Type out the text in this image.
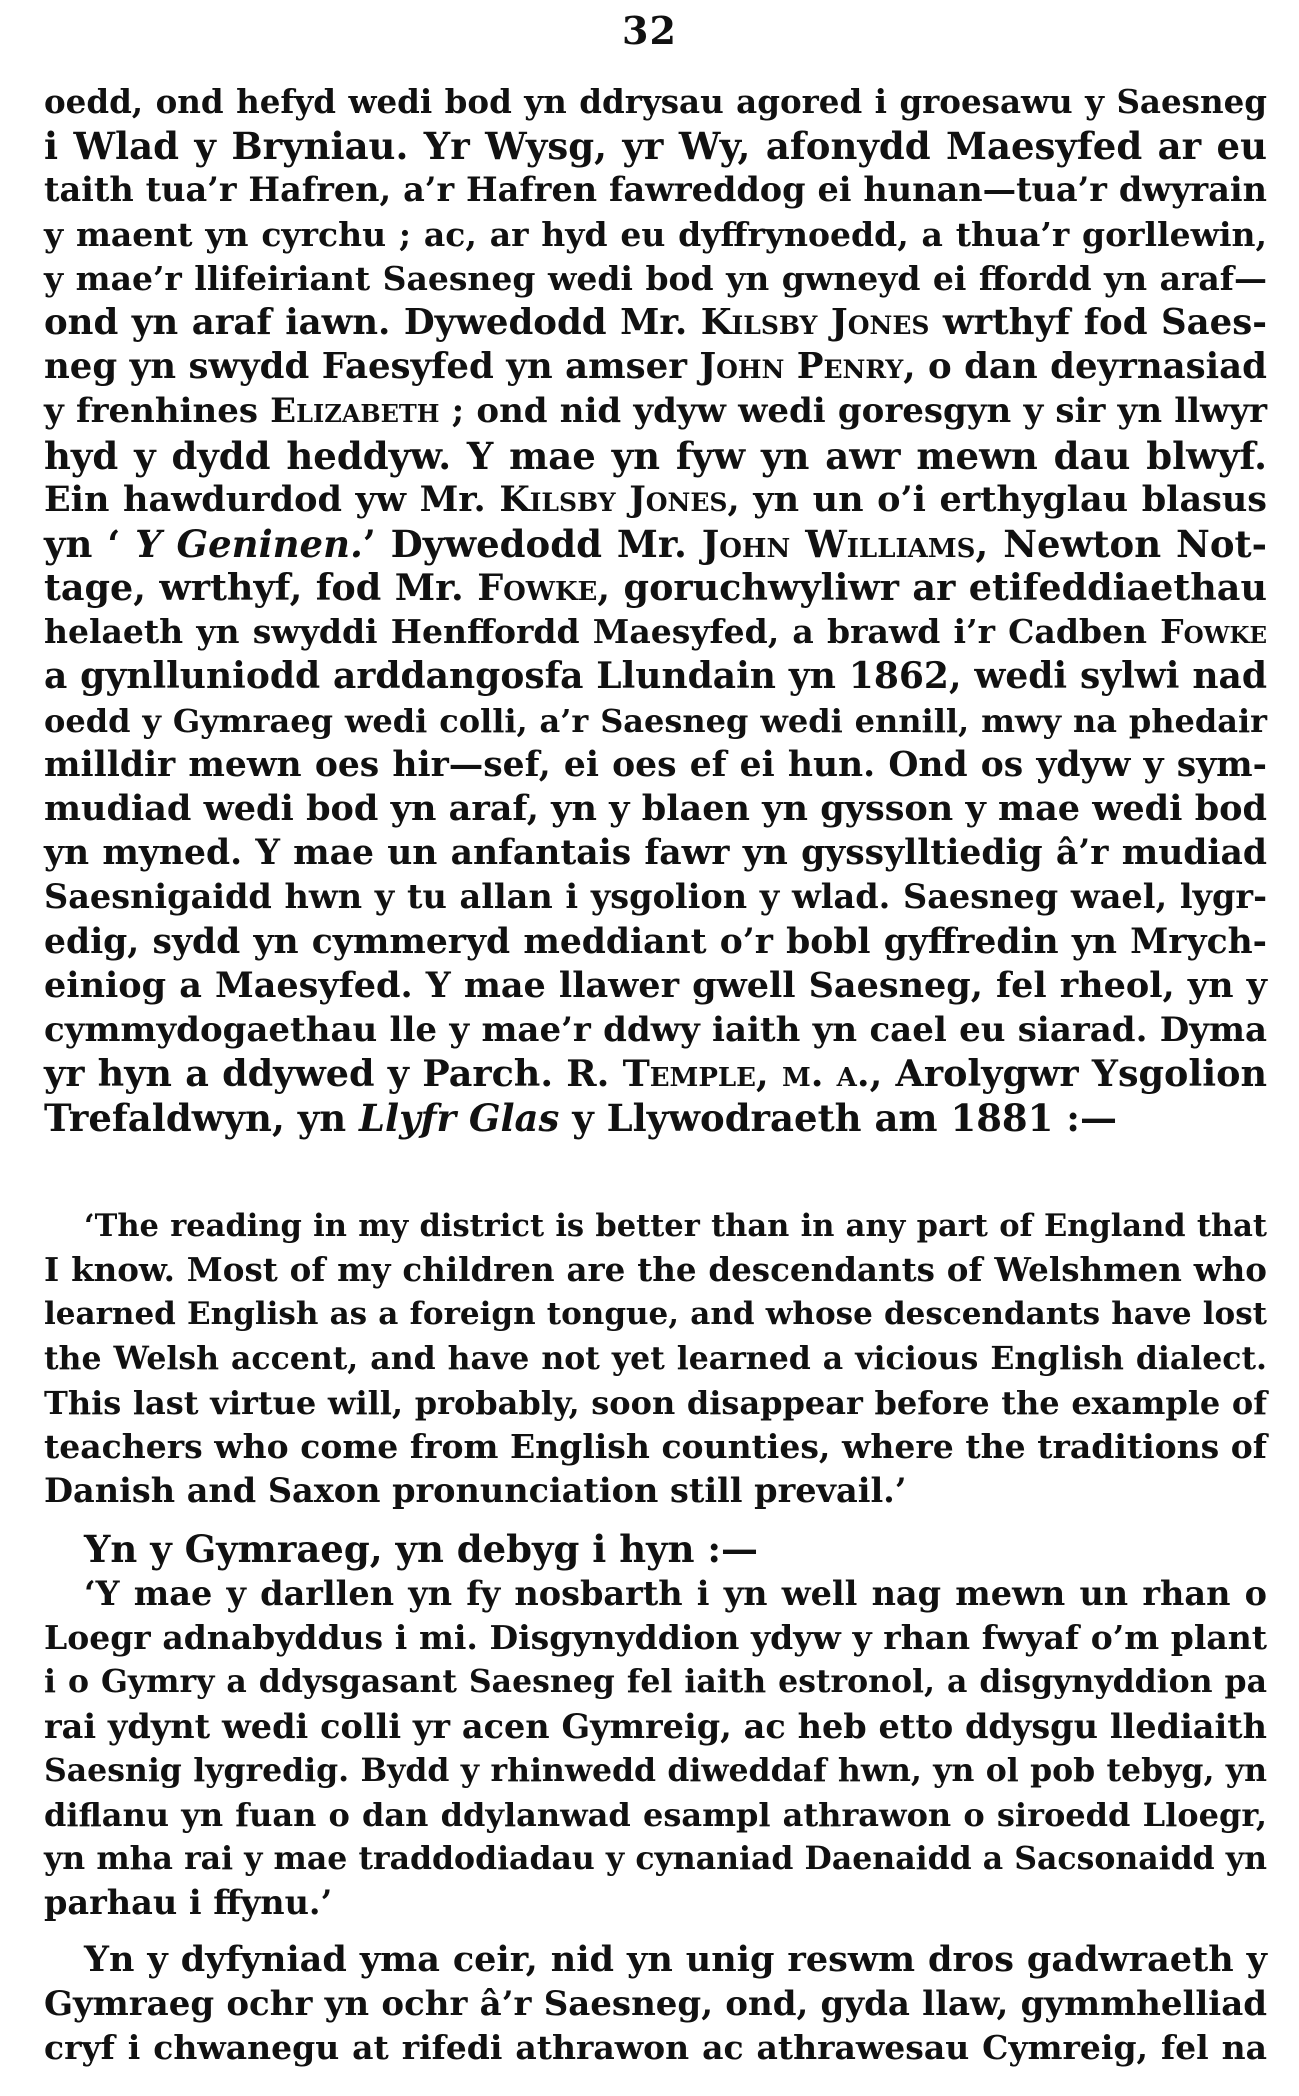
32
oedd, ond hefyd wedi bod yn ddrysau agored i groesawu y Saesneg
i Wlad y Bryniau. Yr Wysg, yr Wy, afonydd Maesyfed ar eu
taith tua’r Hafren, a’r Hafren fawreddog ei hunan—tua’r dwyrain
y maent yn cyrchu ; ac, ar hyd eu dyffrynoedd, a thua’r gorllewin,
y mae’r llifeiriant Saesneg wedi bod yn gwneyd ei ffordd yn araf—
ond yn araf iawn. Dywedodd Mr. Kilsby Jones wrthyf fod Saes-
neg yn swydd Faesyfed yn amser John Penry, o dan deyrnasiad
y frenhines Elizabeth ; ond nid ydyw wedi goresgyn y sir yn llwyr
hyd y dydd heddyw. Y mae yn fyw yn awr mewn dau blwyf.
Ein hawdurdod yw Mr. Kilsby Jones, yn un o’i erthyglau blasus
yn ‘ Y Geninen.’ Dywedodd Mr. John Williams, Newton Not-
tage, wrthyf, fod Mr. Fowke, goruchwyliwr ar etifeddiaethau
helaeth yn swyddi Henffordd Maesyfed, a brawd i’r Cadben Fowke
a gynlluniodd arddangosfa Llundain yn 1862, wedi sylwi nad
oedd y Gymraeg wedi colli, a’r Saesneg wedi ennill, mwy na phedair
milldir mewn oes hir—sef, ei oes ef ei hun. Ond os ydyw y sym-
mudiad wedi bod yn araf, yn y blaen yn gysson y mae wedi bod
yn myned. Y mae un anfantais fawr yn gyssylltiedig â’r mudiad
Saesnigaidd hwn y tu allan i ysgolion y wlad. Saesneg wael, lygr-
edig, sydd yn cymmeryd meddiant o’r bobl gyffredin yn Mrych-
einiog a Maesyfed. Y mae llawer gwell Saesneg, fel rheol, yn y
cymmydogaethau lle y mae’r ddwy iaith yn cael eu siarad. Dyma
yr hyn a ddywed y Parch. R. Temple, m. a., Arolygwr Ysgolion
Trefaldwyn, yn Llyfr Glas y Llywodraeth am 1881 :—
‘The reading in my district is better than in any part of England that
I know. Most of my children are the descendants of Welshmen who
learned English as a foreign tongue, and whose descendants have lost
the Welsh accent, and have not yet learned a vicious English dialect.
This last virtue will, probably, soon disappear before the example of
teachers who come from English counties, where the traditions of
Danish and Saxon pronunciation still prevail.’
Yn y Gymraeg, yn debyg i hyn :—
‘Y mae y darllen yn fy nosbarth i yn well nag mewn un rhan o
Loegr adnabyddus i mi. Disgynyddion ydyw y rhan fwyaf o’m plant
i o Gymry a ddysgasant Saesneg fel iaith estronol, a disgynyddion pa
rai ydynt wedi colli yr acen Gymreig, ac heb etto ddysgu llediaith
Saesnig lygredig. Bydd y rhinwedd diweddaf hwn, yn ol pob tebyg, yn
diflanu yn fuan o dan ddylanwad esampl athrawon o siroedd Lloegr,
yn mha rai y mae traddodiadau y cynaniad Daenaidd a Sacsonaidd yn
parhau i ffynu.’
Yn y dyfyniad yma ceir, nid yn unig reswm dros gadwraeth y
Gymraeg ochr yn ochr â’r Saesneg, ond, gyda llaw, gymmhelliad
cryf i chwanegu at rifedi athrawon ac athrawesau Cymreig, fel na
